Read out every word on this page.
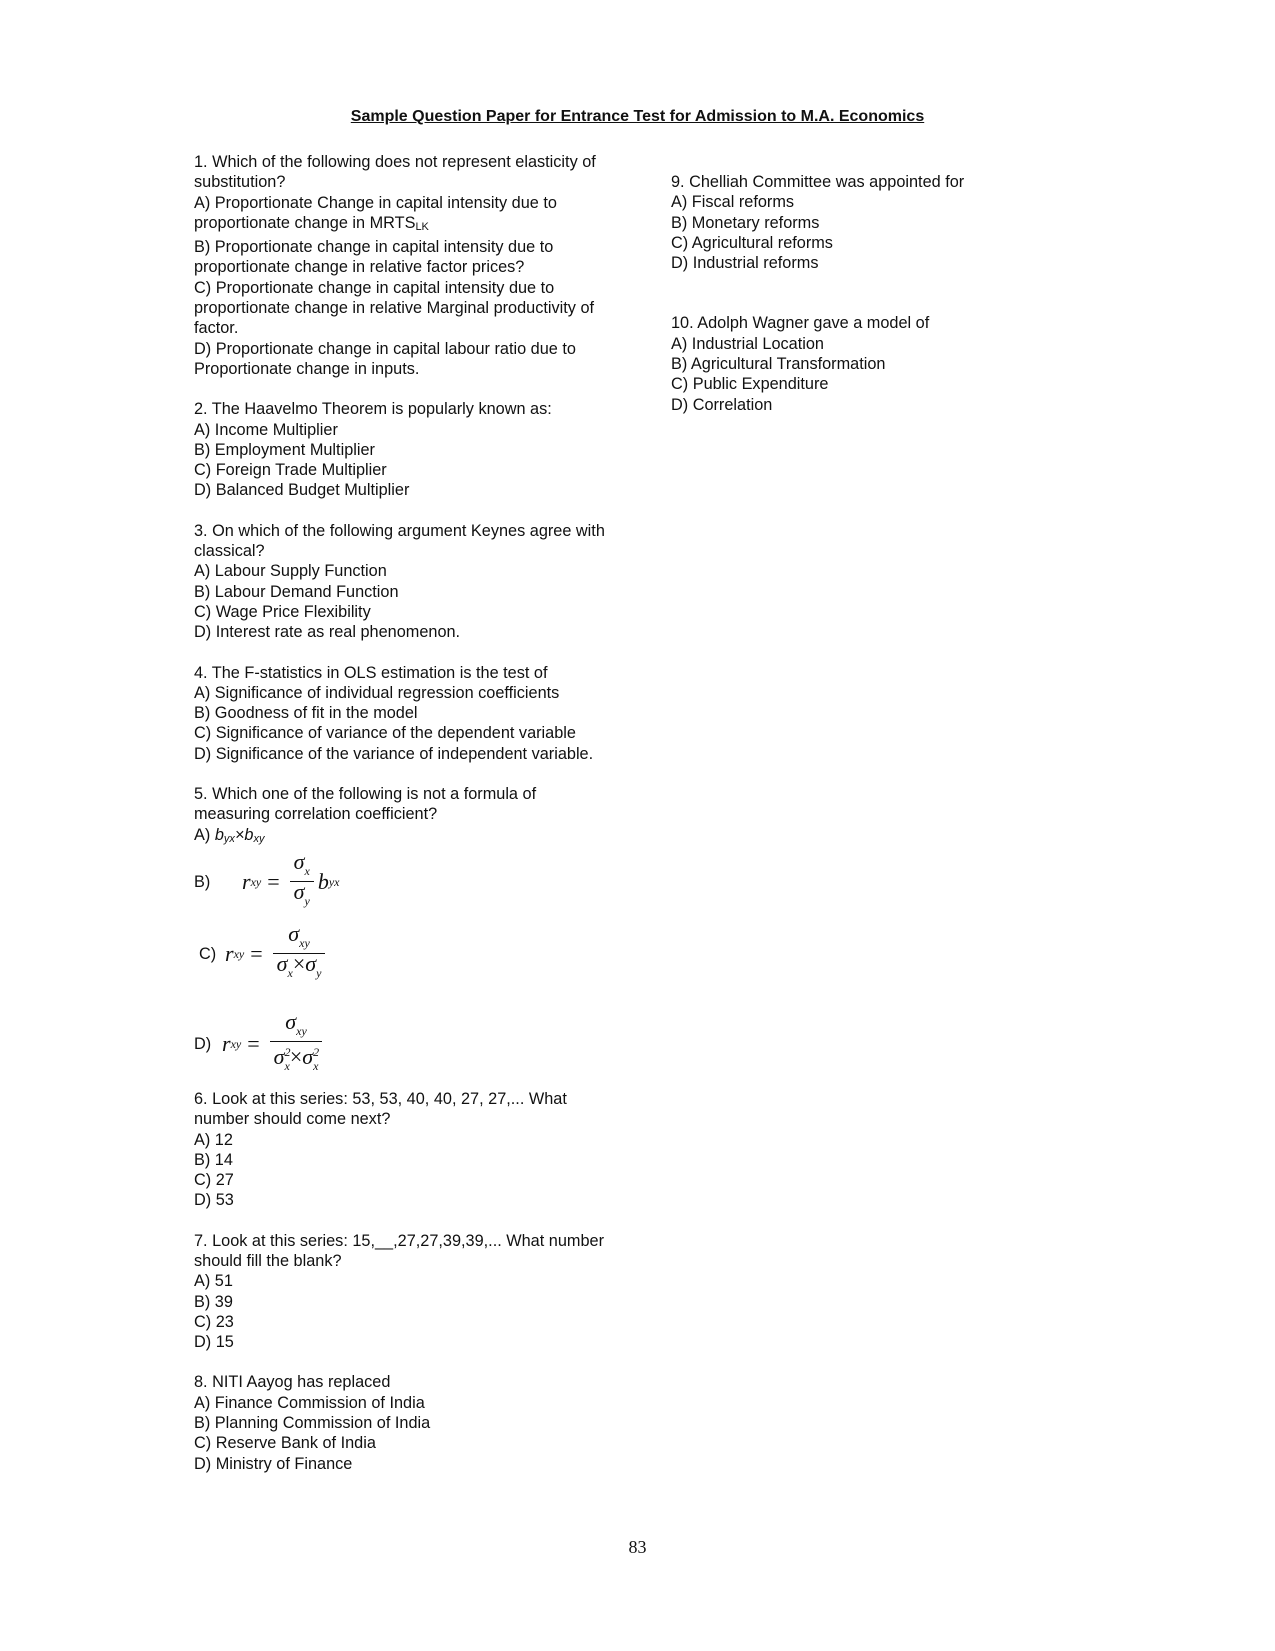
Sample Question Paper for Entrance Test for Admission to M.A. Economics

1. Which of the following does not represent elasticity of substitution?

A) Proportionate Change in capital intensity due to proportionate change in MRTSLK

B) Proportionate change in capital intensity due to proportionate change in relative factor prices?

C) Proportionate change in capital intensity due to proportionate change in relative Marginal productivity of factor.

D) Proportionate change in capital labour ratio due to Proportionate change in inputs.

2. The Haavelmo Theorem is popularly known as:

A) Income Multiplier

B) Employment Multiplier

C) Foreign Trade Multiplier

D) Balanced Budget Multiplier

3. On which of the following argument Keynes agree with classical?

A) Labour Supply Function

B) Labour Demand Function

C) Wage Price Flexibility

D) Interest rate as real phenomenon.

4. The F-statistics in OLS estimation is the test of

A) Significance of individual regression coefficients

B) Goodness of fit in the model

C) Significance of variance of the dependent variable

D) Significance of the variance of independent variable.

5. Which one of the following is not a formula of measuring correlation coefficient?

A) byx×bxy

B)	r xy = $\frac{\sigma_x}{\sigma_y}$ b yx
C) r xy = $\frac{\sigma_{xy}}{\sigma_x\times\sigma_y}$
D) r xy = $\frac{\sigma_{xy}}{\sigma^2_x\times\sigma^2_x}$

6. Look at this series: 53, 53, 40, 40, 27, 27,... What number should come next?

A) 12

B) 14

C) 27

D) 53

7. Look at this series: 15,__,27,27,39,39,... What number should fill the blank?

A) 51

B) 39

C) 23

D) 15

8. NITI Aayog has replaced

A) Finance Commission of India

B) Planning Commission of India

C) Reserve Bank of India

D) Ministry of Finance

9. Chelliah Committee was appointed for

A) Fiscal reforms

B) Monetary reforms

C) Agricultural reforms

D) Industrial reforms

10. Adolph Wagner gave a model of

A) Industrial Location

B) Agricultural Transformation

C) Public Expenditure

D) Correlation

83
